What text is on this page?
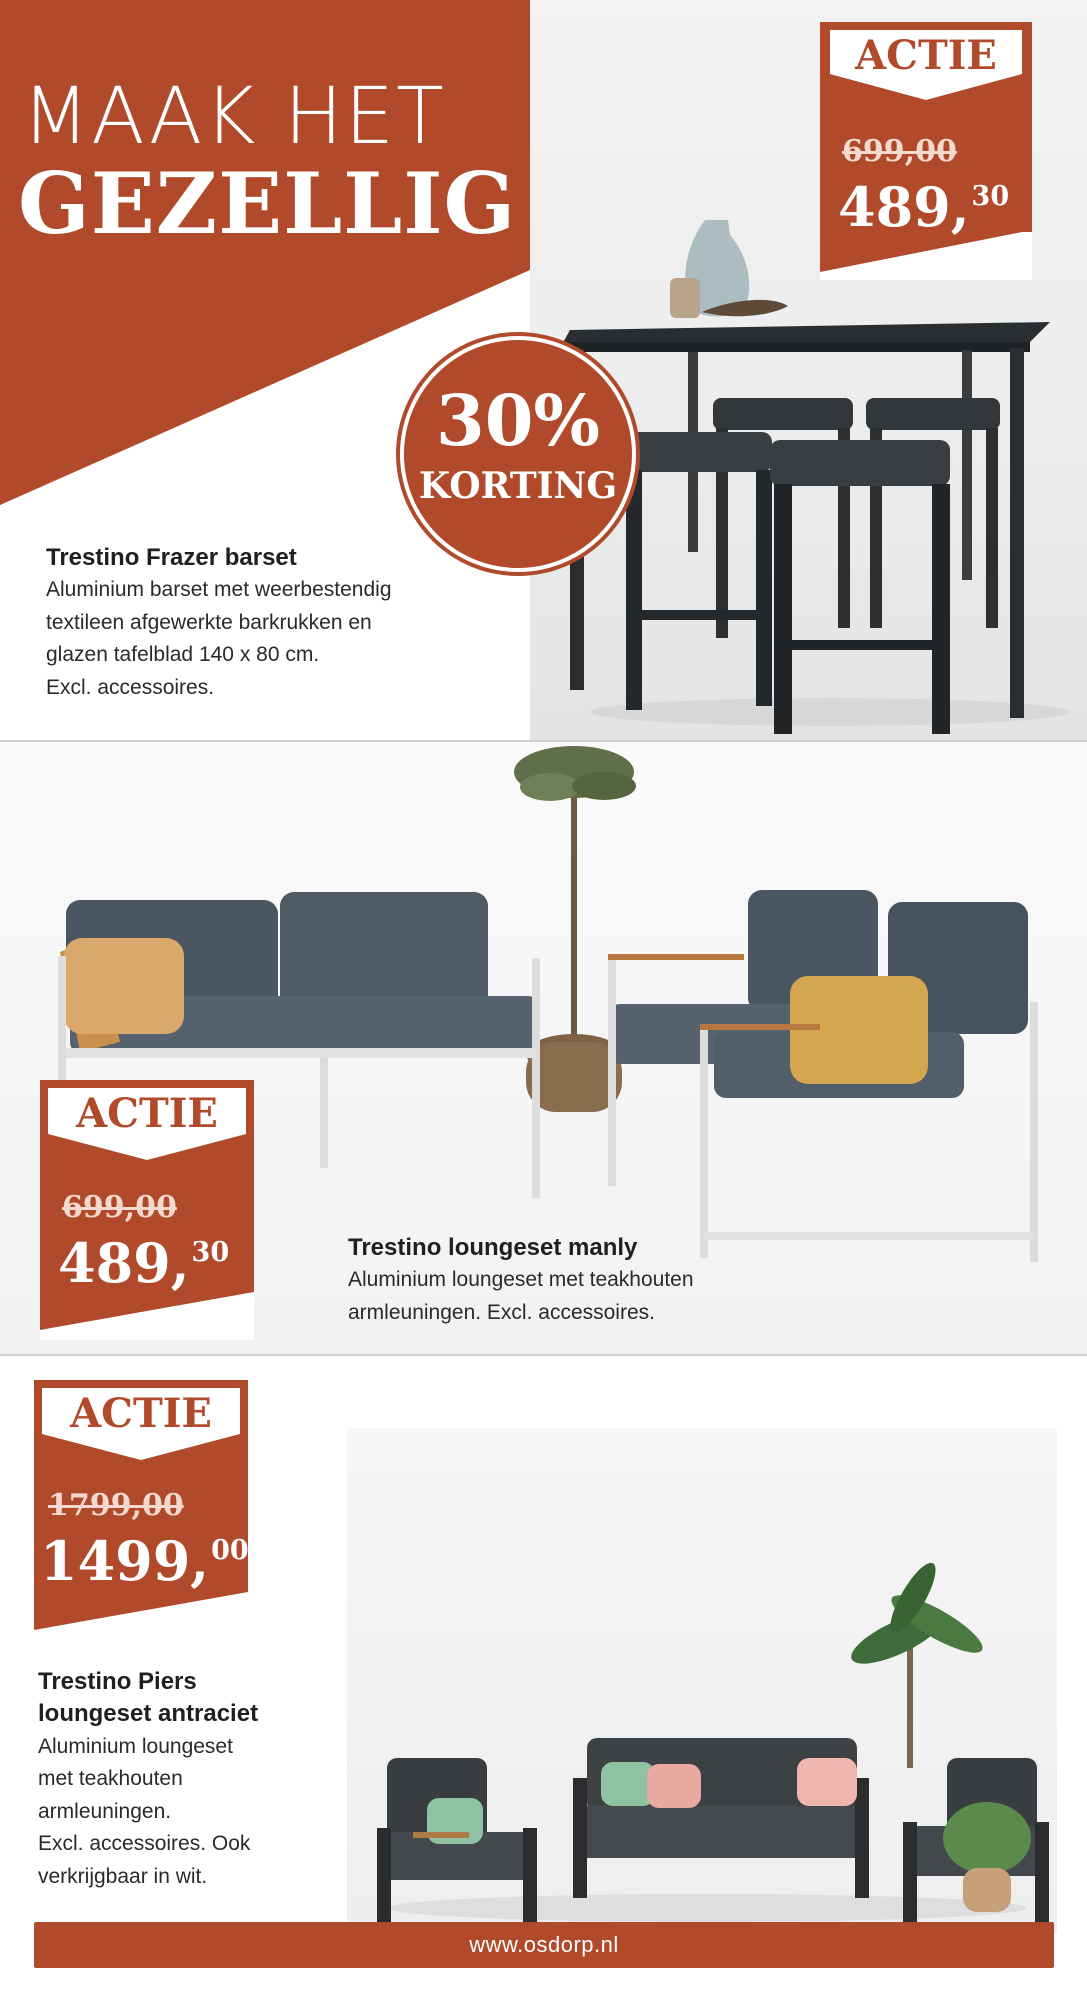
MAAK HET
GEZELLIG
ACTIE
699,00
489,30
30%
KORTING
Trestino Frazer barset
Aluminium barset met weerbestendig
textileen afgewerkte barkrukken en
glazen tafelblad 140 x 80 cm.
Excl. accessoires.
ACTIE
699,00
489,30	Trestino loungeset manly
Aluminium loungeset met teakhouten
armleuningen. Excl. accessoires.
ACTIE
1799,00
1499,00
Trestino Piers
loungeset antraciet
Aluminium loungeset
met teakhouten
armleuningen.
Excl. accessoires. Ook
verkrijgbaar in wit.
www.osdorp.nl
